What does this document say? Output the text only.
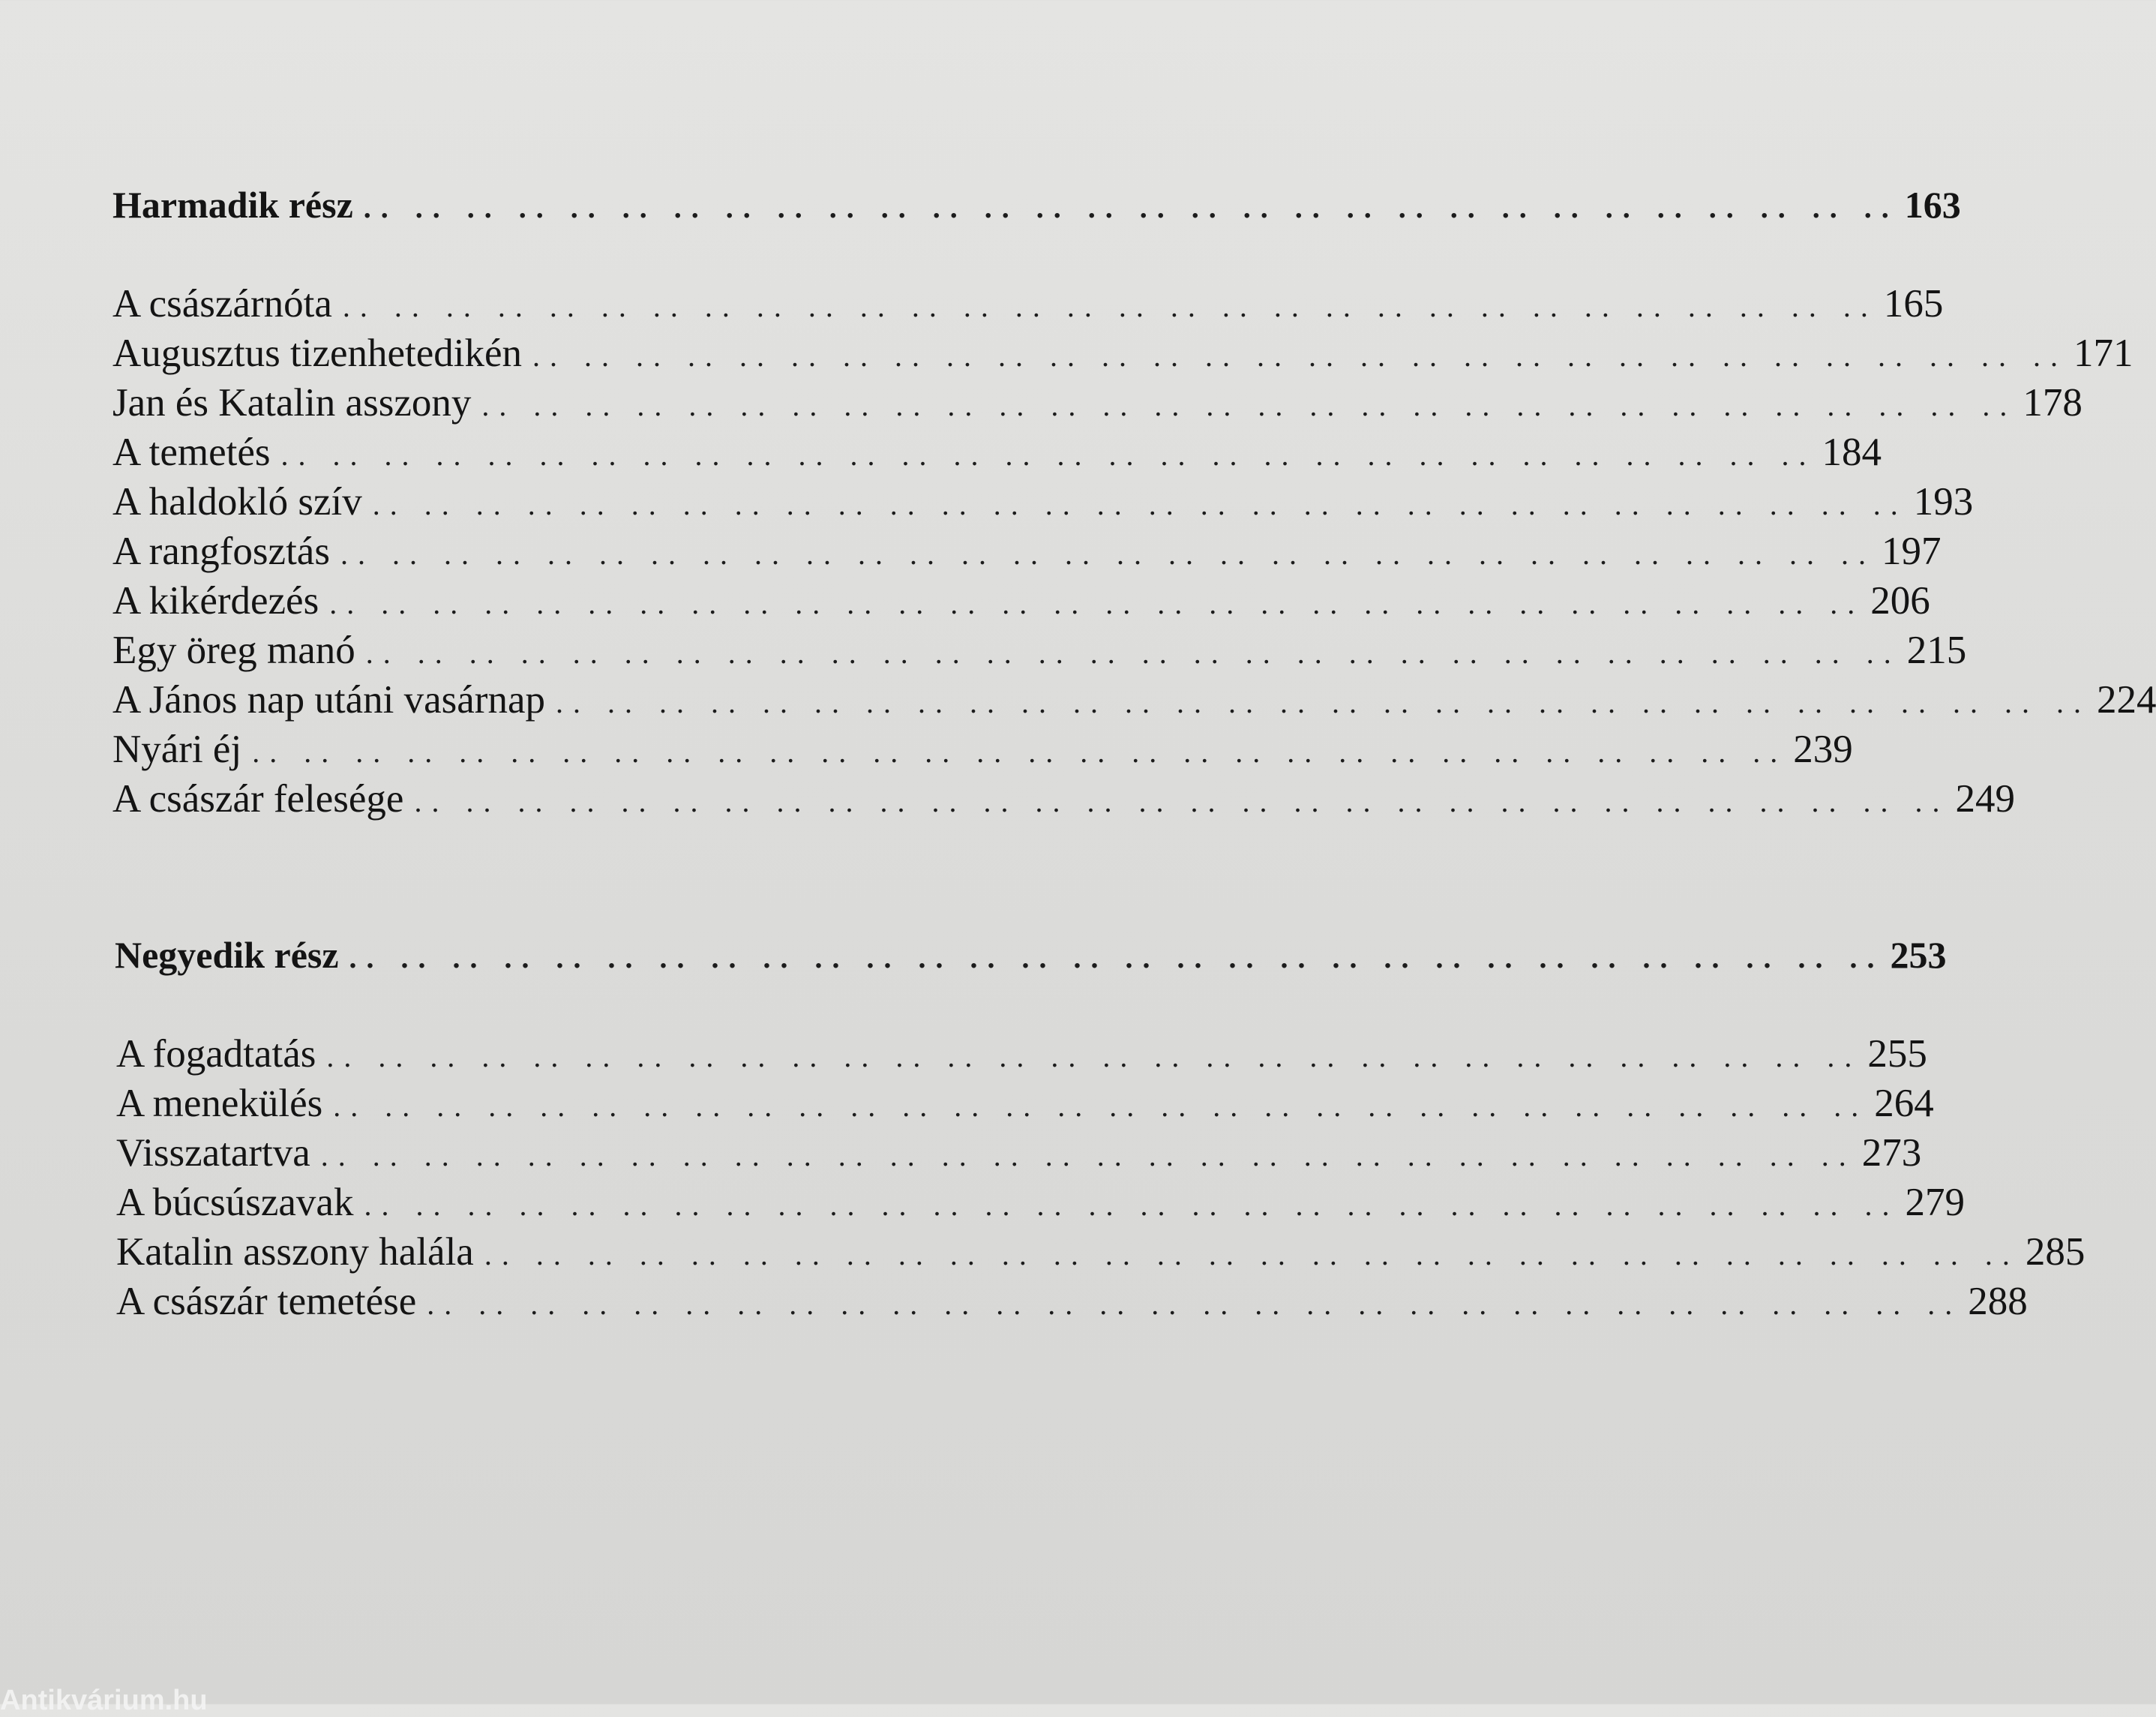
Harmadik rész .. .. .. .. .. .. .. .. .. .. .. .. .. .. .. .. .. .. .. .. .. .. .. .. .. .. .. .. .. .. 163
A császárnóta .. .. .. .. .. .. .. .. .. .. .. .. .. .. .. .. .. .. .. .. .. .. .. .. .. .. .. .. .. .. 165
Augusztus tizenhetedikén .. .. .. .. .. .. .. .. .. .. .. .. .. .. .. .. .. .. .. .. .. .. .. .. .. .. .. .. .. .. 171
Jan és Katalin asszony .. .. .. .. .. .. .. .. .. .. .. .. .. .. .. .. .. .. .. .. .. .. .. .. .. .. .. .. .. .. 178
A temetés .. .. .. .. .. .. .. .. .. .. .. .. .. .. .. .. .. .. .. .. .. .. .. .. .. .. .. .. .. .. 184
A haldokló szív .. .. .. .. .. .. .. .. .. .. .. .. .. .. .. .. .. .. .. .. .. .. .. .. .. .. .. .. .. .. 193
A rangfosztás .. .. .. .. .. .. .. .. .. .. .. .. .. .. .. .. .. .. .. .. .. .. .. .. .. .. .. .. .. .. 197
A kikérdezés .. .. .. .. .. .. .. .. .. .. .. .. .. .. .. .. .. .. .. .. .. .. .. .. .. .. .. .. .. .. 206
Egy öreg manó .. .. .. .. .. .. .. .. .. .. .. .. .. .. .. .. .. .. .. .. .. .. .. .. .. .. .. .. .. .. 215
A János nap utáni vasárnap .. .. .. .. .. .. .. .. .. .. .. .. .. .. .. .. .. .. .. .. .. .. .. .. .. .. .. .. .. .. 224
Nyári éj .. .. .. .. .. .. .. .. .. .. .. .. .. .. .. .. .. .. .. .. .. .. .. .. .. .. .. .. .. .. 239
A császár felesége .. .. .. .. .. .. .. .. .. .. .. .. .. .. .. .. .. .. .. .. .. .. .. .. .. .. .. .. .. .. 249
Negyedik rész .. .. .. .. .. .. .. .. .. .. .. .. .. .. .. .. .. .. .. .. .. .. .. .. .. .. .. .. .. .. 253
A fogadtatás .. .. .. .. .. .. .. .. .. .. .. .. .. .. .. .. .. .. .. .. .. .. .. .. .. .. .. .. .. .. 255
A menekülés .. .. .. .. .. .. .. .. .. .. .. .. .. .. .. .. .. .. .. .. .. .. .. .. .. .. .. .. .. .. 264
Visszatartva .. .. .. .. .. .. .. .. .. .. .. .. .. .. .. .. .. .. .. .. .. .. .. .. .. .. .. .. .. .. 273
A búcsúszavak .. .. .. .. .. .. .. .. .. .. .. .. .. .. .. .. .. .. .. .. .. .. .. .. .. .. .. .. .. .. 279
Katalin asszony halála .. .. .. .. .. .. .. .. .. .. .. .. .. .. .. .. .. .. .. .. .. .. .. .. .. .. .. .. .. .. 285
A császár temetése .. .. .. .. .. .. .. .. .. .. .. .. .. .. .. .. .. .. .. .. .. .. .. .. .. .. .. .. .. .. 288
Antikvárium.hu
